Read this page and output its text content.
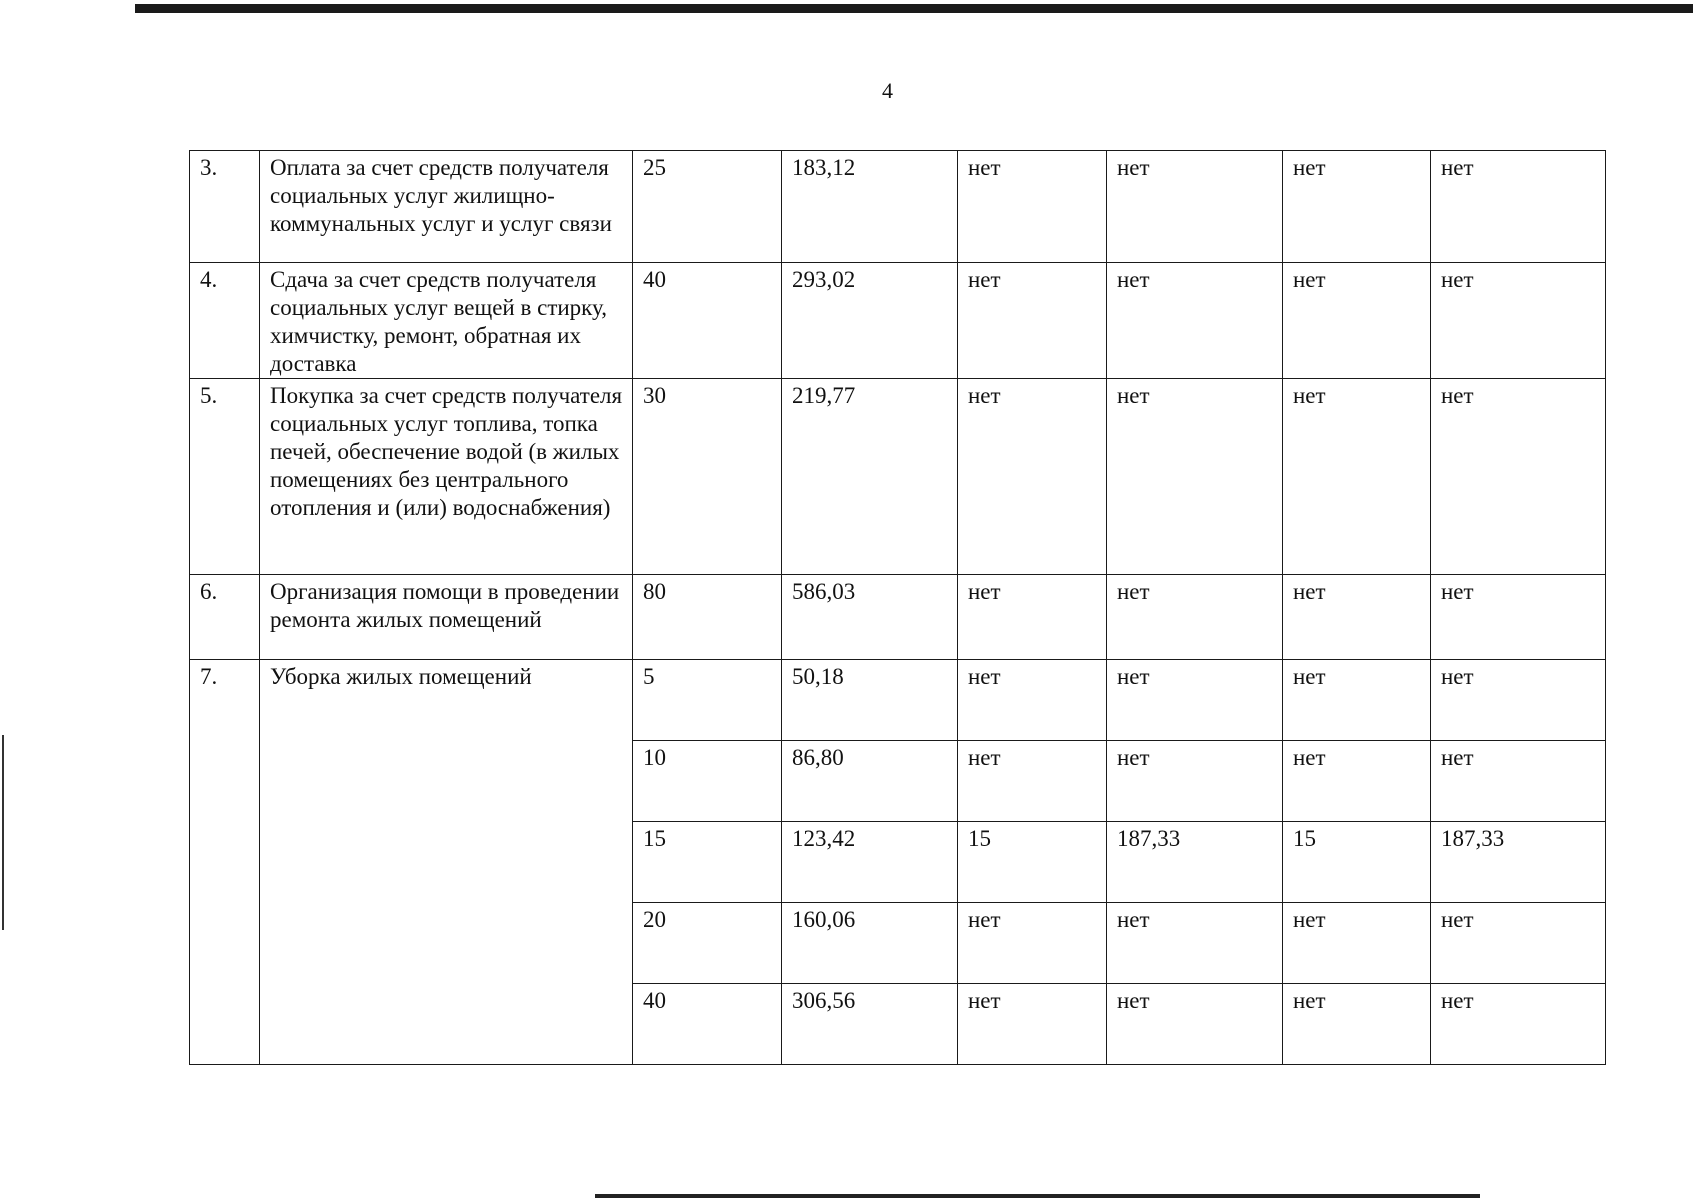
4
3.	Оплата за счет средств получателя социальных услуг жилищно-коммунальных услуг и услуг связи	25	183,12	нет	нет	нет	нет
4.	Сдача за счет средств получателя социальных услуг вещей в стирку, химчистку, ремонт, обратная их доставка	40	293,02	нет	нет	нет	нет
5.	Покупка за счет средств получателя социальных услуг топлива, топка печей, обеспечение водой (в жилых помещениях без центрального отопления и (или) водоснабжения)	30	219,77	нет	нет	нет	нет
6.	Организация помощи в проведении ремонта жилых помещений	80	586,03	нет	нет	нет	нет
7.	Уборка жилых помещений	5	50,18	нет	нет	нет	нет
		10	86,80	нет	нет	нет	нет
		15	123,42	15	187,33	15	187,33
		20	160,06	нет	нет	нет	нет
		40	306,56	нет	нет	нет	нет
